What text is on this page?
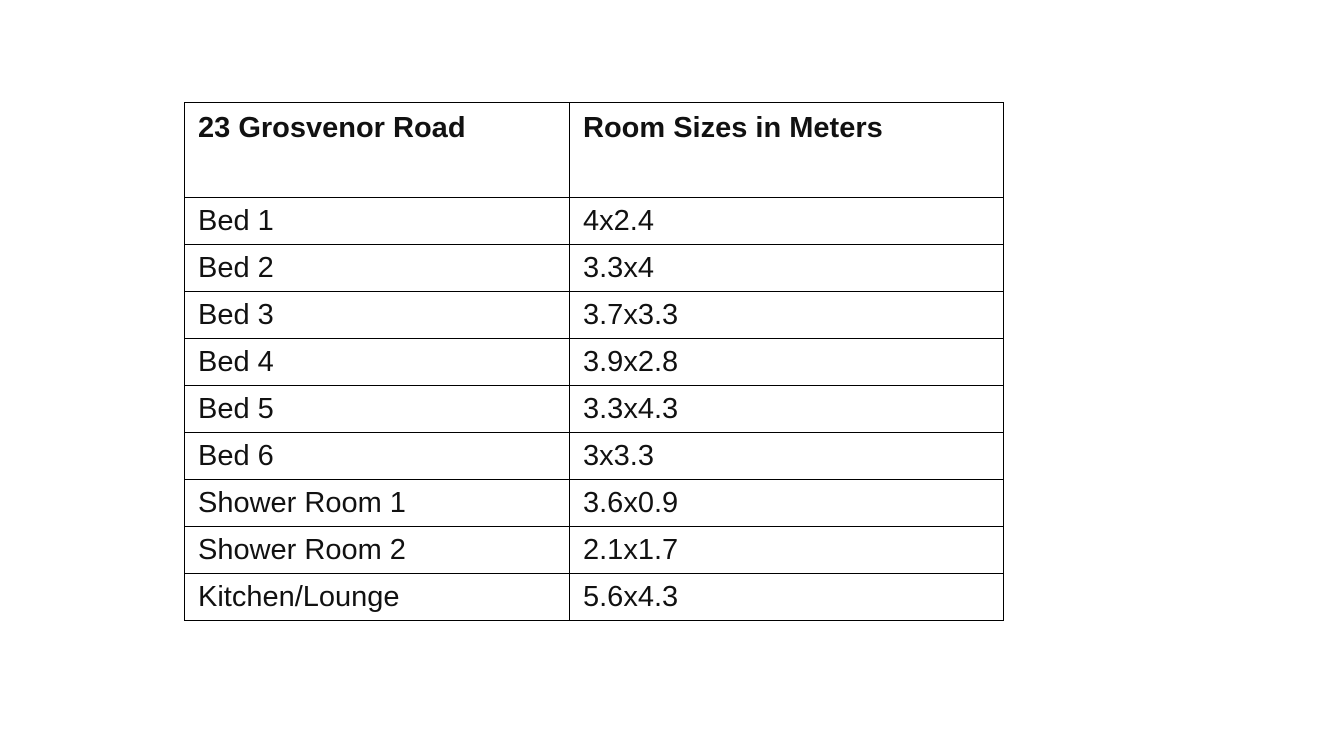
23 Grosvenor Road	Room Sizes in Meters
Bed 1	4x2.4
Bed 2	3.3x4
Bed 3	3.7x3.3
Bed 4	3.9x2.8
Bed 5	3.3x4.3
Bed 6	3x3.3
Shower Room 1	3.6x0.9
Shower Room 2	2.1x1.7
Kitchen/Lounge	5.6x4.3
